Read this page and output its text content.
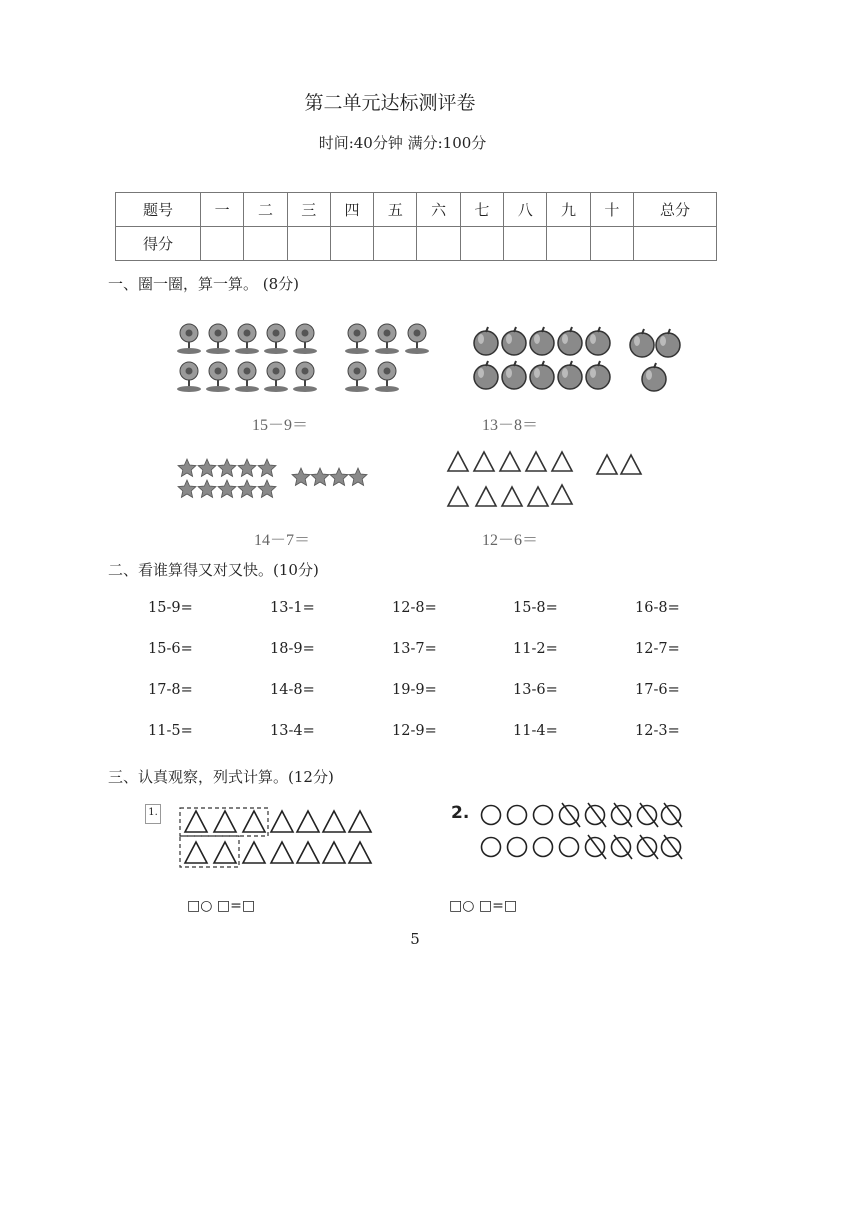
第二单元达标测评卷
时间:40分钟 满分:100分
题号	一	二	三	四	五	六	七	八	九	十	总分
得分											
一、圈一圈，算一算。 (8分)
15－9＝	13－8＝
14－7＝	12－6＝
二、看谁算得又对又快。(10分)
15-9=	13-1=	12-8=	15-8=	16-8=
15-6=	18-9=	13-7=	11-2=	12-7=
17-8=	14-8=	19-9=	13-6=	17-6=
11-5=	13-4=	12-9=	11-4=	12-3=
三、认真观察，列式计算。(12分)
1.	2.
□○ □=□	□○ □=□
5
